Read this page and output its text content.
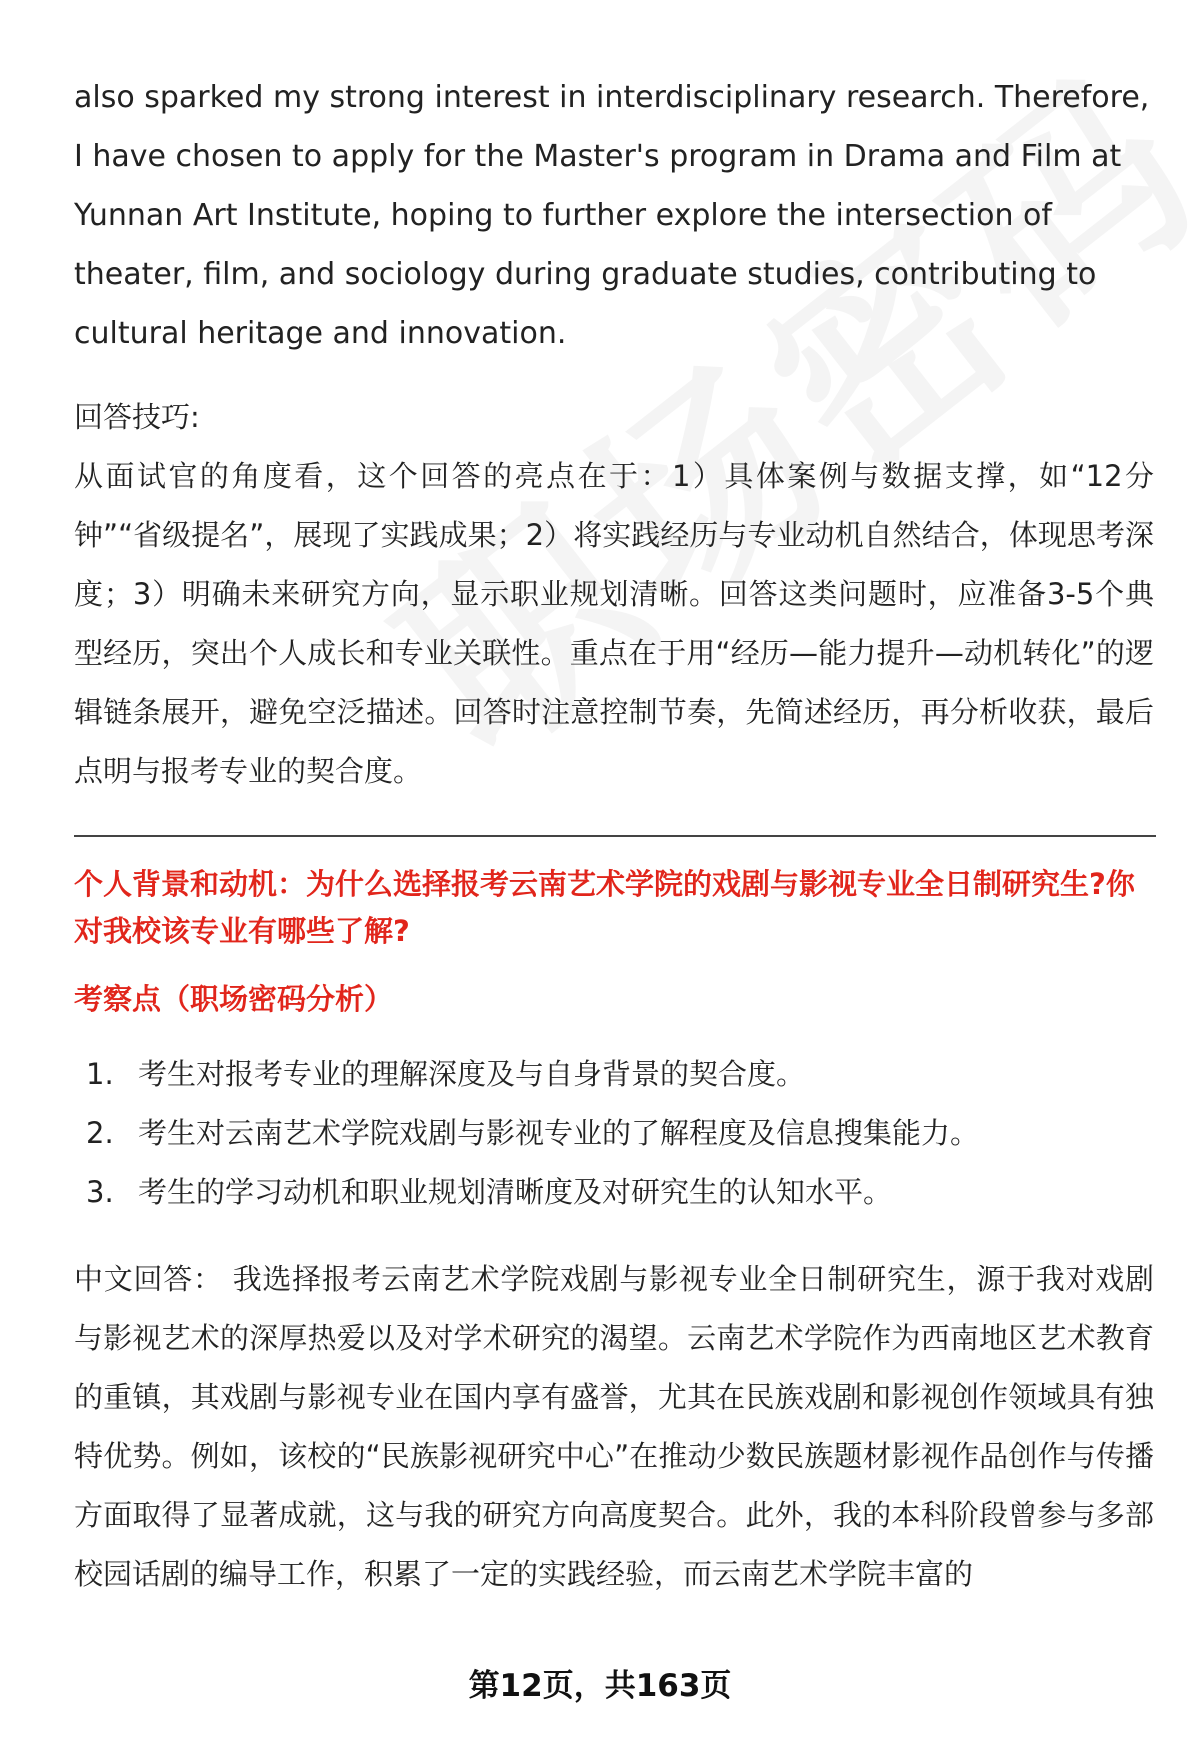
also sparked my strong interest in interdisciplinary research. Therefore, I have chosen to apply for the Master's program in Drama and Film at Yunnan Art Institute, hoping to further explore the intersection of theater, film, and sociology during graduate studies, contributing to cultural heritage and innovation.

回答技巧:

从面试官的角度看，这个回答的亮点在于：1）具体案例与数据支撑，如“12分钟”“省级提名”，展现了实践成果；2）将实践经历与专业动机自然结合，体现思考深度；3）明确未来研究方向，显示职业规划清晰。回答这类问题时，应准备3-5个典型经历，突出个人成长和专业关联性。重点在于用“经历—能力提升—动机转化”的逻辑链条展开，避免空泛描述。回答时注意控制节奏，先简述经历，再分析收获，最后点明与报考专业的契合度。

个人背景和动机：为什么选择报考云南艺术学院的戏剧与影视专业全日制研究生?你对我校该专业有哪些了解?

考察点（职场密码分析）

1. 考生对报考专业的理解深度及与自身背景的契合度。
2. 考生对云南艺术学院戏剧与影视专业的了解程度及信息搜集能力。
3. 考生的学习动机和职业规划清晰度及对研究生的认知水平。

中文回答： 我选择报考云南艺术学院戏剧与影视专业全日制研究生，源于我对戏剧与影视艺术的深厚热爱以及对学术研究的渴望。云南艺术学院作为西南地区艺术教育的重镇，其戏剧与影视专业在国内享有盛誉，尤其在民族戏剧和影视创作领域具有独特优势。例如，该校的“民族影视研究中心”在推动少数民族题材影视作品创作与传播方面取得了显著成就，这与我的研究方向高度契合。此外，我的本科阶段曾参与多部校园话剧的编导工作，积累了一定的实践经验，而云南艺术学院丰富的

第12页，共163页
